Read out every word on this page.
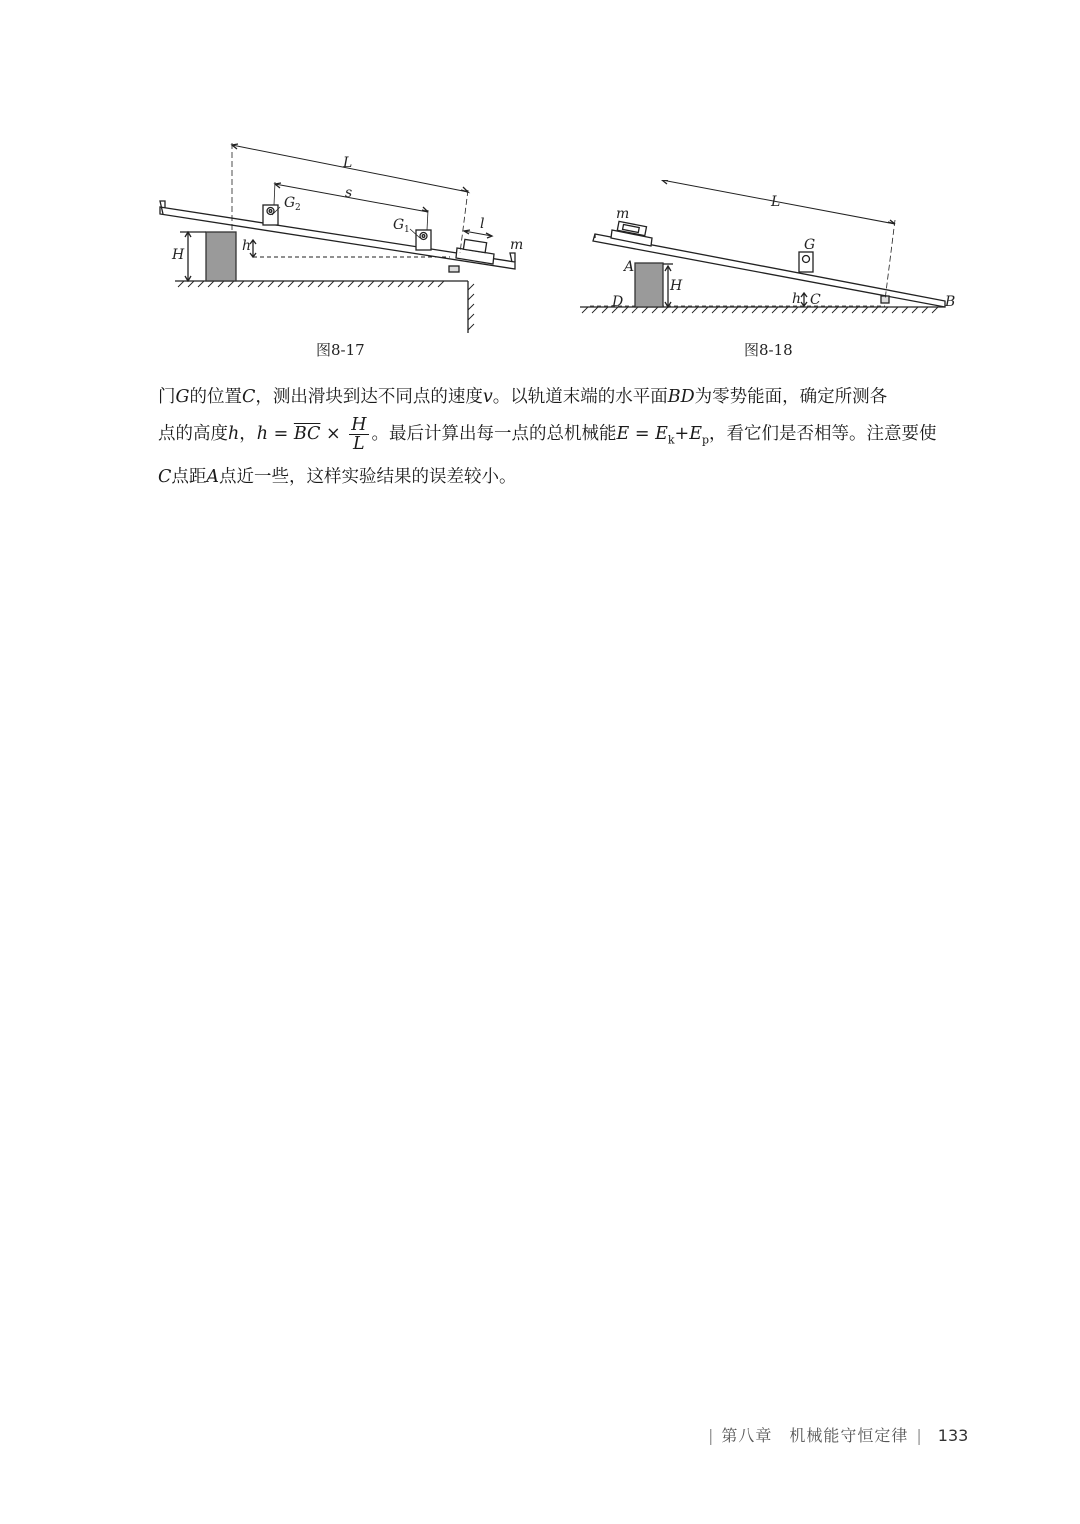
L
s
l
m
G 2
G 1
H
h
图8-17
L
m
G
A
H
h C
D	B
图8-18

门G的位置C，测出滑块到达不同点的速度v。以轨道末端的水平面BD为零势能面，确定所测各

点的高度h，$h = \overline{BC} \times \frac{H}{L}$ 。最后计算出每一点的总机械能$E = E_k+E_p$，看它们是否相等。注意要使

C点距A点近一些，这样实验结果的误差较小。

| 第八章　机械能守恒定律 | 133
